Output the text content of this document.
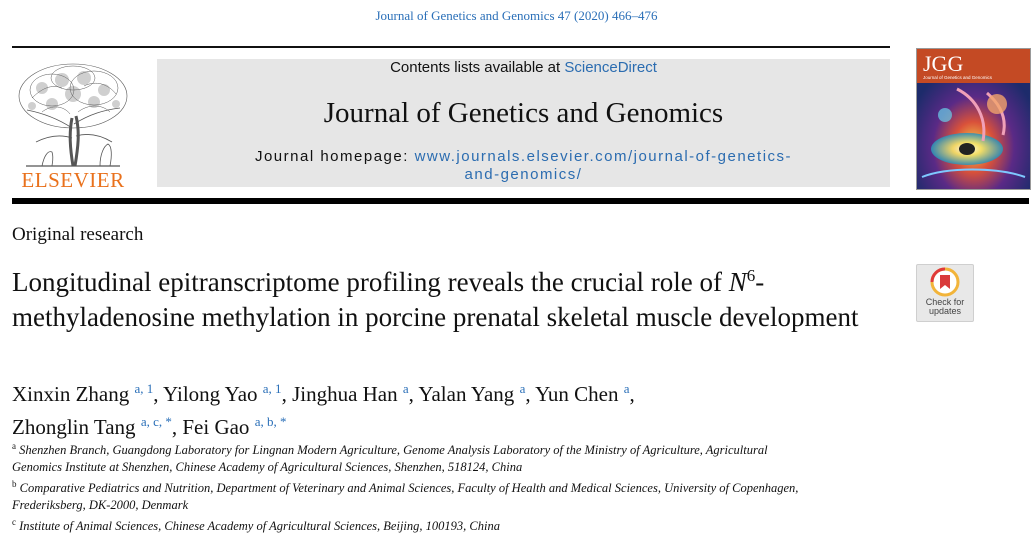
Journal of Genetics and Genomics 47 (2020) 466–476
ELSEVIER
Contents lists available at ScienceDirect
Journal of Genetics and Genomics
Journal homepage: www.journals.elsevier.com/journal-of-genetics-
and-genomics/
JGG
Journal of Genetics and Genomics
Original research
Longitudinal epitranscriptome profiling reveals the crucial role of $N^6$-methyladenosine methylation in porcine prenatal skeletal muscle development	Check for
updates
Xinxin Zhang $^{a, 1}$, Yilong Yao $^{a, 1}$, Jinghua Han $^a$, Yalan Yang $^a$, Yun Chen $^a$,
Zhonglin Tang $^{a, c, *}$, Fei Gao $^{a, b, *}$
$^a$ Shenzhen Branch, Guangdong Laboratory for Lingnan Modern Agriculture, Genome Analysis Laboratory of the Ministry of Agriculture, Agricultural
Genomics Institute at Shenzhen, Chinese Academy of Agricultural Sciences, Shenzhen, 518124, China
$^b$ Comparative Pediatrics and Nutrition, Department of Veterinary and Animal Sciences, Faculty of Health and Medical Sciences, University of Copenhagen,
Frederiksberg, DK-2000, Denmark
$^c$ Institute of Animal Sciences, Chinese Academy of Agricultural Sciences, Beijing, 100193, China
